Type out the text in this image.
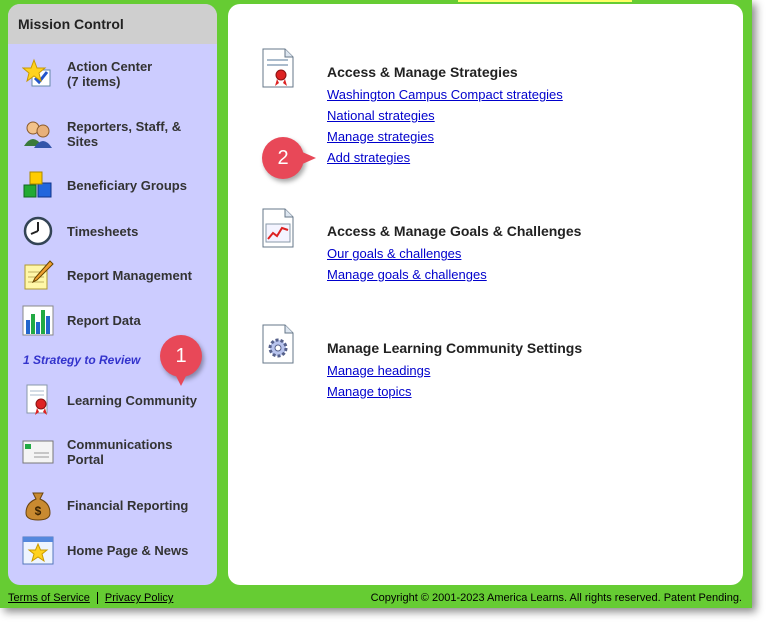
Mission Control
Action Center
(7 items)
Reporters, Staff, &
Sites
Beneficiary Groups
Timesheets
Report Management
Report Data
1 Strategy to Review
Learning Community
Communications
Portal
$ Financial Reporting
Home Page & News
Access & Manage Strategies
Washington Campus Compact strategies
National strategies
Manage strategies
Add strategies
Access & Manage Goals & Challenges
Our goals & challenges
Manage goals & challenges
Manage Learning Community Settings
Manage headings
Manage topics
1
2
Terms of Service Privacy Policy	Copyright © 2001-2023 America Learns. All rights reserved. Patent Pending.
